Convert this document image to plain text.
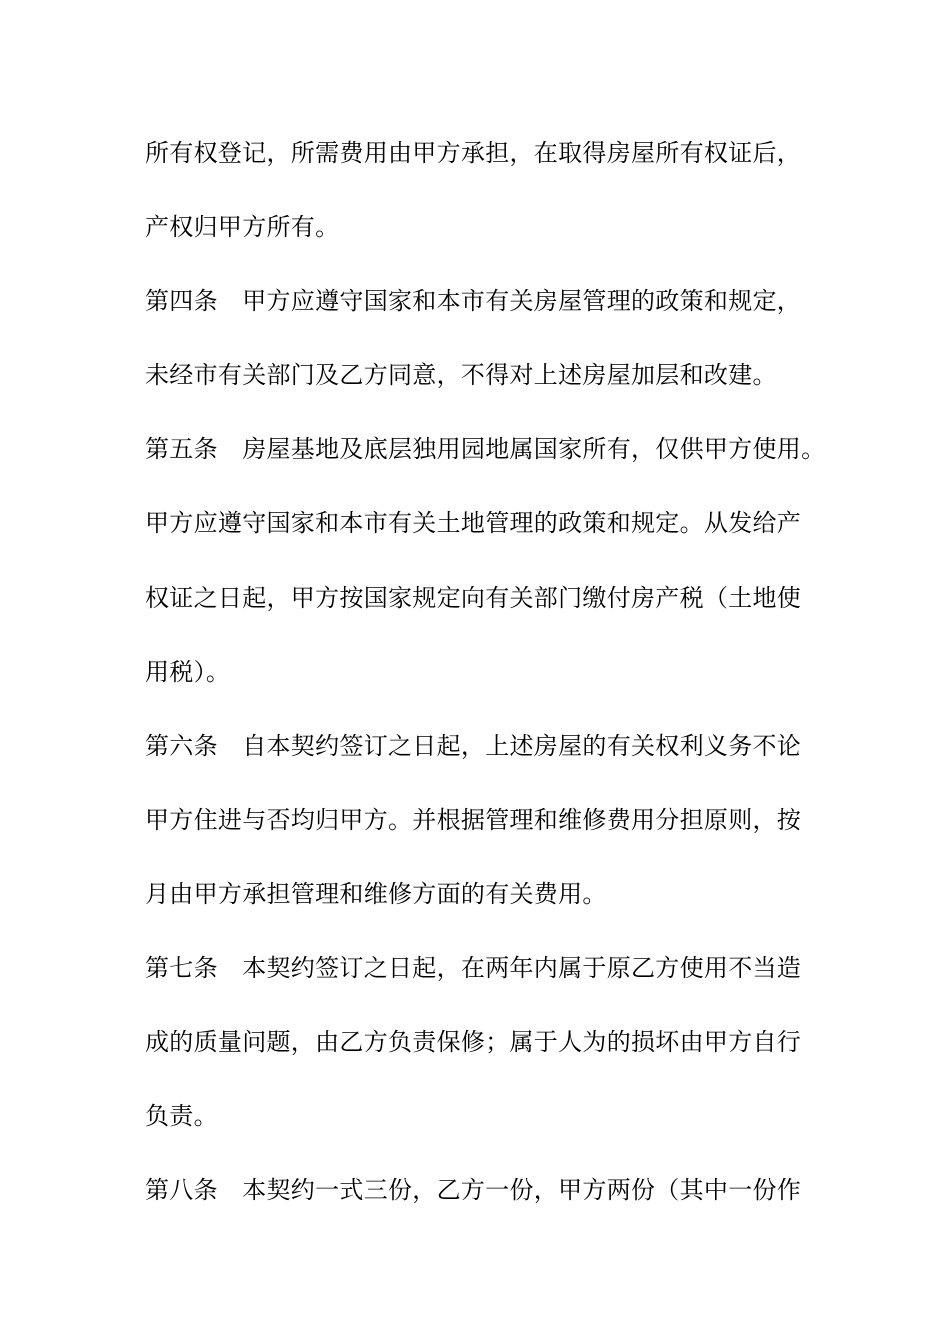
所有权登记，所需费用由甲方承担，在取得房屋所有权证后，
产权归甲方所有。
第四条　甲方应遵守国家和本市有关房屋管理的政策和规定，
未经市有关部门及乙方同意，不得对上述房屋加层和改建。
第五条　房屋基地及底层独用园地属国家所有，仅供甲方使用。
甲方应遵守国家和本市有关土地管理的政策和规定。从发给产
权证之日起，甲方按国家规定向有关部门缴付房产税（土地使
用税）。
第六条　自本契约签订之日起，上述房屋的有关权利义务不论
甲方住进与否均归甲方。并根据管理和维修费用分担原则，按
月由甲方承担管理和维修方面的有关费用。
第七条　本契约签订之日起，在两年内属于原乙方使用不当造
成的质量问题，由乙方负责保修；属于人为的损坏由甲方自行
负责。
第八条　本契约一式三份，乙方一份，甲方两份（其中一份作
